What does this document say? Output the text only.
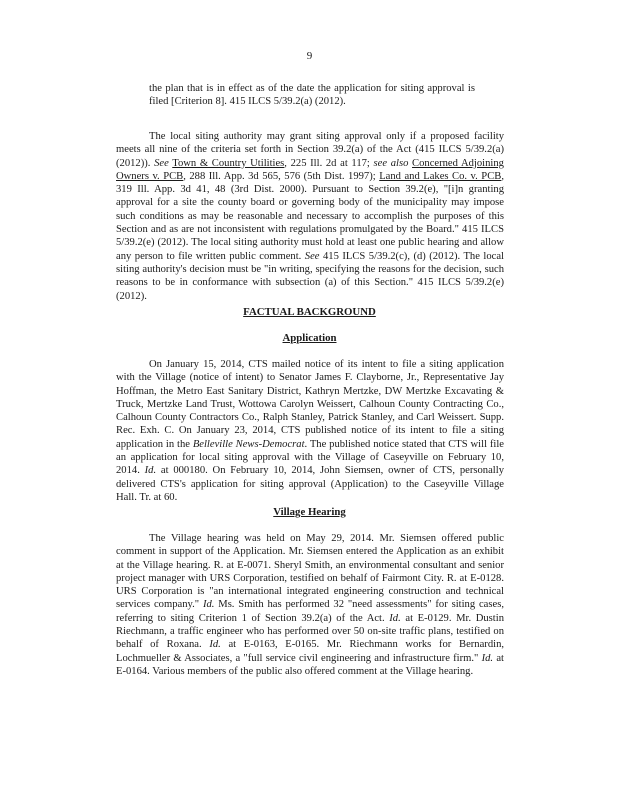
9

the plan that is in effect as of the date the application for siting approval is filed [Criterion 8]. 415 ILCS 5/39.2(a) (2012).

The local siting authority may grant siting approval only if a proposed facility meets all nine of the criteria set forth in Section 39.2(a) of the Act (415 ILCS 5/39.2(a) (2012)). See Town & Country Utilities, 225 Ill. 2d at 117; see also Concerned Adjoining Owners v. PCB, 288 Ill. App. 3d 565, 576 (5th Dist. 1997); Land and Lakes Co. v. PCB, 319 Ill. App. 3d 41, 48 (3rd Dist. 2000). Pursuant to Section 39.2(e), "[i]n granting approval for a site the county board or governing body of the municipality may impose such conditions as may be reasonable and necessary to accomplish the purposes of this Section and as are not inconsistent with regulations promulgated by the Board." 415 ILCS 5/39.2(e) (2012). The local siting authority must hold at least one public hearing and allow any person to file written public comment. See 415 ILCS 5/39.2(c), (d) (2012). The local siting authority's decision must be "in writing, specifying the reasons for the decision, such reasons to be in conformance with subsection (a) of this Section." 415 ILCS 5/39.2(e) (2012).

FACTUAL BACKGROUND
Application

On January 15, 2014, CTS mailed notice of its intent to file a siting application with the Village (notice of intent) to Senator James F. Clayborne, Jr., Representative Jay Hoffman, the Metro East Sanitary District, Kathryn Mertzke, DW Mertzke Excavating & Truck, Mertzke Land Trust, Wottowa Carolyn Weissert, Calhoun County Contracting Co., Calhoun County Contractors Co., Ralph Stanley, Patrick Stanley, and Carl Weissert. Supp. Rec. Exh. C. On January 23, 2014, CTS published notice of its intent to file a siting application in the Belleville News-Democrat. The published notice stated that CTS will file an application for local siting approval with the Village of Caseyville on February 10, 2014. Id. at 000180. On February 10, 2014, John Siemsen, owner of CTS, personally delivered CTS's application for siting approval (Application) to the Caseyville Village Hall. Tr. at 60.

Village Hearing

The Village hearing was held on May 29, 2014. Mr. Siemsen offered public comment in support of the Application. Mr. Siemsen entered the Application as an exhibit at the Village hearing. R. at E-0071. Sheryl Smith, an environmental consultant and senior project manager with URS Corporation, testified on behalf of Fairmont City. R. at E-0128. URS Corporation is "an international integrated engineering construction and technical services company." Id. Ms. Smith has performed 32 "need assessments" for siting cases, referring to siting Criterion 1 of Section 39.2(a) of the Act. Id. at E-0129. Mr. Dustin Riechmann, a traffic engineer who has performed over 50 on-site traffic plans, testified on behalf of Roxana. Id. at E-0163, E-0165. Mr. Riechmann works for Bernardin, Lochmueller & Associates, a "full service civil engineering and infrastructure firm." Id. at E-0164. Various members of the public also offered comment at the Village hearing.
